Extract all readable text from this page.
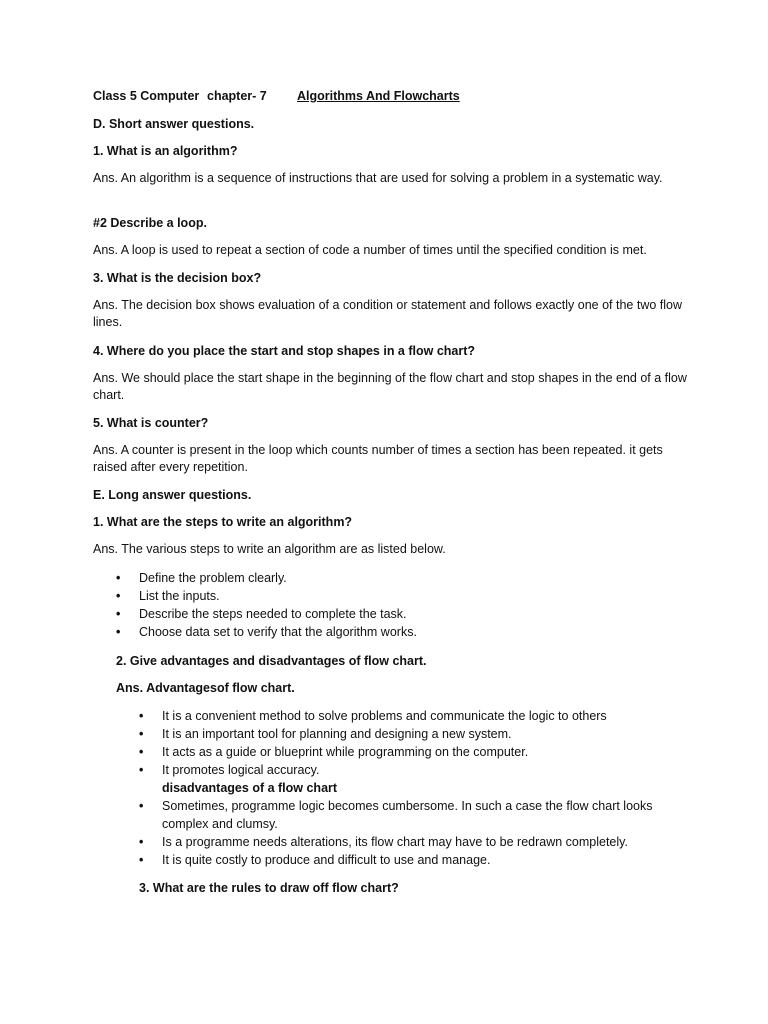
Class 5 Computer chapter- 7 Algorithms And Flowcharts
D. Short answer questions.
1. What is an algorithm?
Ans. An algorithm is a sequence of instructions that are used for solving a problem in a systematic way.
#2 Describe a loop.
Ans. A loop is used to repeat a section of code a number of times until the specified condition is met.
3. What is the decision box?
Ans. The decision box shows evaluation of a condition or statement and follows exactly one of the two flow lines.
4. Where do you place the start and stop shapes in a flow chart?
Ans. We should place the start shape in the beginning of the flow chart and stop shapes in the end of a flow chart.
5. What is counter?
Ans. A counter is present in the loop which counts number of times a section has been repeated. it gets raised after every repetition.
E. Long answer questions.
1. What are the steps to write an algorithm?
Ans. The various steps to write an algorithm are as listed below.
• Define the problem clearly.
• List the inputs.
• Describe the steps needed to complete the task.
• Choose data set to verify that the algorithm works.
2. Give advantages and disadvantages of flow chart.
Ans. Advantagesof flow chart.
• It is a convenient method to solve problems and communicate the logic to others
• It is an important tool for planning and designing a new system.
• It acts as a guide or blueprint while programming on the computer.
• It promotes logical accuracy.
disadvantages of a flow chart
• Sometimes, programme logic becomes cumbersome. In such a case the flow chart looks
complex and clumsy.
• Is a programme needs alterations, its flow chart may have to be redrawn completely.
• It is quite costly to produce and difficult to use and manage.
3. What are the rules to draw off flow chart?
